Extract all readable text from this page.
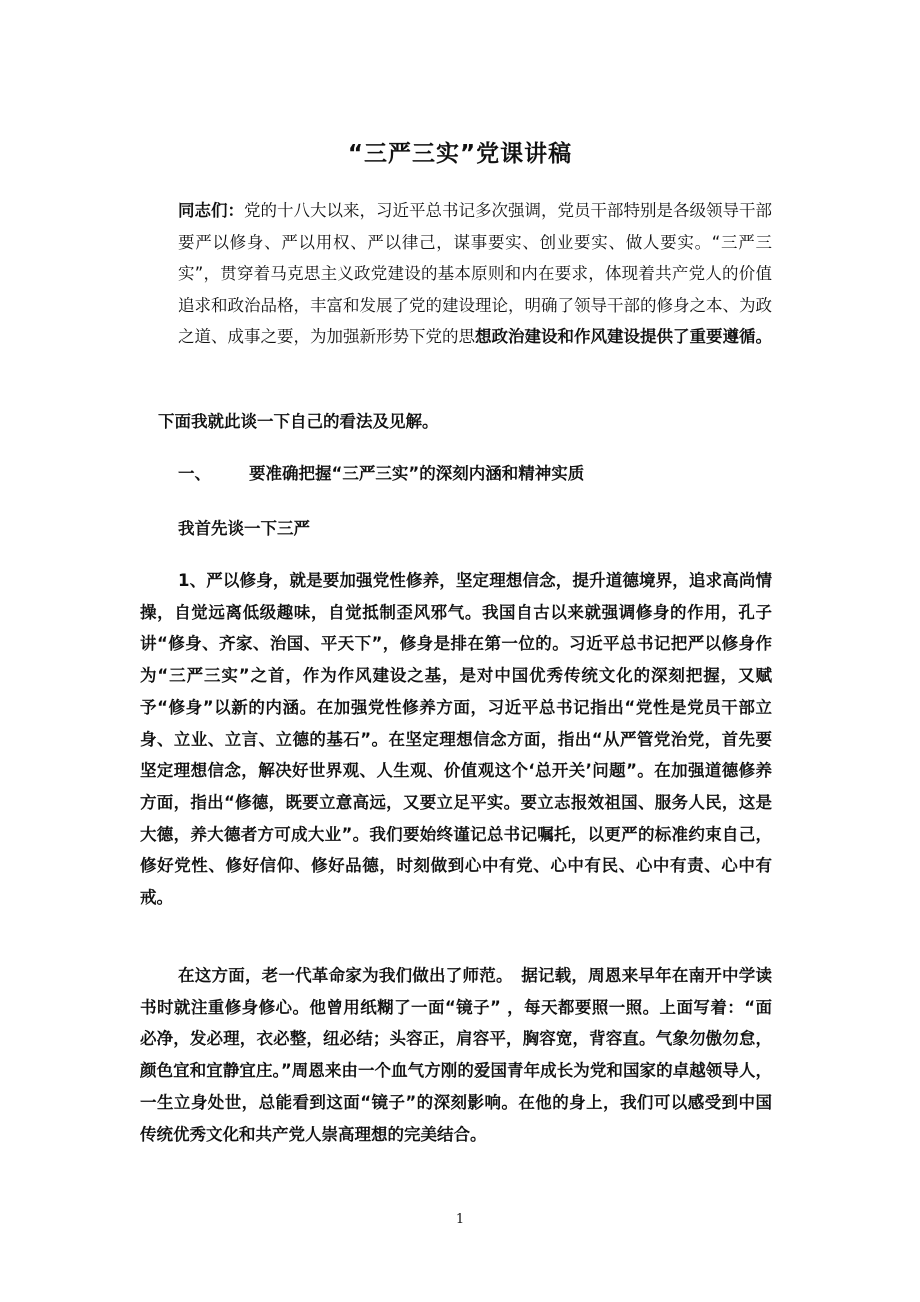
“三严三实”党课讲稿
同志们：党的十八大以来，习近平总书记多次强调，党员干部特别是各级领导干部要严以修身、严以用权、严以律己，谋事要实、创业要实、做人要实。“三严三实”，贯穿着马克思主义政党建设的基本原则和内在要求，体现着共产党人的价值追求和政治品格，丰富和发展了党的建设理论，明确了领导干部的修身之本、为政之道、成事之要，为加强新形势下党的思想政治建设和作风建设提供了重要遵循。
下面我就此谈一下自己的看法及见解。
一、 要准确把握“三严三实”的深刻内涵和精神实质
我首先谈一下三严
1、严以修身，就是要加强党性修养，坚定理想信念，提升道德境界，追求高尚情操，自觉远离低级趣味，自觉抵制歪风邪气。我国自古以来就强调修身的作用，孔子讲“修身、齐家、治国、平天下”，修身是排在第一位的。习近平总书记把严以修身作为“三严三实”之首，作为作风建设之基，是对中国优秀传统文化的深刻把握，又赋予“修身”以新的内涵。在加强党性修养方面，习近平总书记指出“党性是党员干部立身、立业、立言、立德的基石”。在坚定理想信念方面，指出“从严管党治党，首先要坚定理想信念，解决好世界观、人生观、价值观这个‘总开关’问题”。在加强道德修养方面，指出“修德，既要立意高远，又要立足平实。要立志报效祖国、服务人民，这是大德，养大德者方可成大业”。我们要始终谨记总书记嘱托，以更严的标准约束自己，修好党性、修好信仰、修好品德，时刻做到心中有党、心中有民、心中有责、心中有戒。
在这方面，老一代革命家为我们做出了师范。　据记载，周恩来早年在南开中学读书时就注重修身修心。他曾用纸糊了一面“镜子” ，每天都要照一照。上面写着：“面必净，发必理，衣必整，纽必结；头容正，肩容平，胸容宽，背容直。气象勿傲勿怠，颜色宜和宜静宜庄。”周恩来由一个血气方刚的爱国青年成长为党和国家的卓越领导人，一生立身处世，总能看到这面“镜子”的深刻影响。在他的身上，我们可以感受到中国传统优秀文化和共产党人崇高理想的完美结合。
1
